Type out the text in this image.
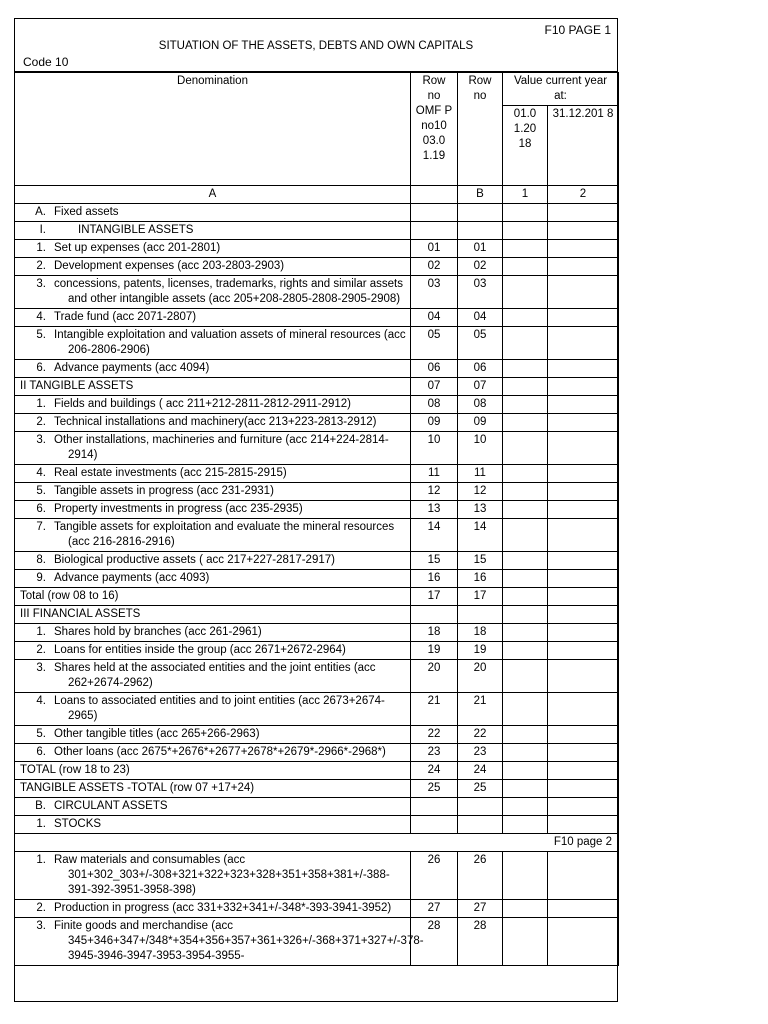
F10 PAGE 1
SITUATION OF THE ASSETS, DEBTS AND OWN CAPITALS
Code 10
Denomination	Row no OMF P no10 03.0 1.19	Row no	Value current year at:	
			01.0 1.20 18	31.12.201 8
A		B	1	2

A. Fixed assets				

I. INTANGIBLE ASSETS				

1. Set up expenses (acc 201-2801)	01	01		

2. Development expenses (acc 203-2803-2903)	02	02		

3. concessions, patents, licenses, trademarks, rights and similar assets and other intangible assets (acc 205+208-2805-2808-2905-2908)	03	03		

4. Trade fund (acc 2071-2807)	04	04		

5. Intangible exploitation and valuation assets of mineral resources (acc 206-2806-2906)	05	05		

6. Advance payments (acc 4094)	06	06		
II TANGIBLE ASSETS	07	07		

1. Fields and buildings ( acc 211+212-2811-2812-2911-2912)	08	08		

2. Technical installations and machinery(acc 213+223-2813-2912)	09	09		

3. Other installations, machineries and furniture (acc 214+224-2814-2914)	10	10		

4. Real estate investments (acc 215-2815-2915)	11	11		

5. Tangible assets in progress (acc 231-2931)	12	12		

6. Property investments in progress (acc 235-2935)	13	13		

7. Tangible assets for exploitation and evaluate the mineral resources (acc 216-2816-2916)	14	14		

8. Biological productive assets ( acc 217+227-2817-2917)	15	15		

9. Advance payments (acc 4093)	16	16		
Total (row 08 to 16)	17	17		
III FINANCIAL ASSETS				

1. Shares hold by branches (acc 261-2961)	18	18		

2. Loans for entities inside the group (acc 2671+2672-2964)	19	19		

3. Shares held at the associated entities and the joint entities (acc 262+2674-2962)	20	20		

4. Loans to associated entities and to joint entities (acc 2673+2674-2965)	21	21		

5. Other tangible titles (acc 265+266-2963)	22	22		

6. Other loans (acc 2675*+2676*+2677+2678*+2679*-2966*-2968*)	23	23		
TOTAL (row 18 to 23)	24	24		
TANGIBLE ASSETS -TOTAL (row 07 +17+24)	25	25		

B. CIRCULANT ASSETS				

1. STOCKS				

F10 page 2				

1. Raw materials and consumables (acc 301+302_303+/-308+321+322+323+328+351+358+381+/-388-391-392-3951-3958-398)	26	26		

2. Production in progress (acc 331+332+341+/-348*-393-3941-3952)	27	27		

3. Finite goods and merchandise (acc 345+346+347+/348*+354+356+357+361+326+/-368+371+327+/-378-3945-3946-3947-3953-3954-3955-	28	28		
